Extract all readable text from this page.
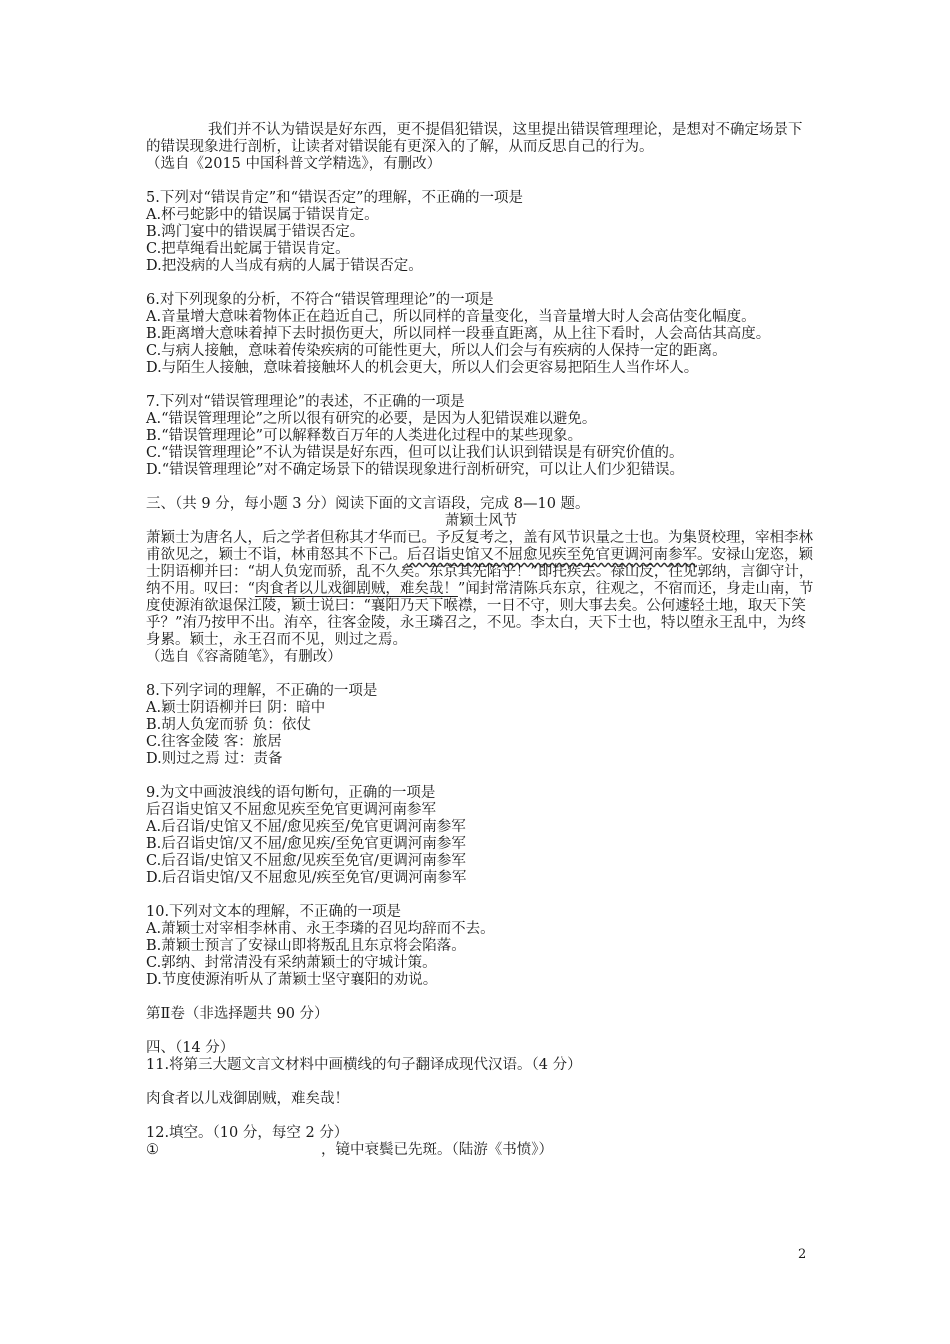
我们并不认为错误是好东西，更不提倡犯错误，这里提出错误管理理论，是想对不确定场景下的错误现象进行剖析，让读者对错误能有更深入的了解，从而反思自己的行为。

（选自《2015 中国科普文学精选》，有删改）

5.下列对“错误肯定”和“错误否定”的理解，不正确的一项是

A.杯弓蛇影中的错误属于错误肯定。

B.鸿门宴中的错误属于错误否定。

C.把草绳看出蛇属于错误肯定。

D.把没病的人当成有病的人属于错误否定。

6.对下列现象的分析，不符合“错误管理理论”的一项是

A.音量增大意味着物体正在趋近自己，所以同样的音量变化，当音量增大时人会高估变化幅度。

B.距离增大意味着掉下去时损伤更大，所以同样一段垂直距离，从上往下看时，人会高估其高度。

C.与病人接触，意味着传染疾病的可能性更大，所以人们会与有疾病的人保持一定的距离。

D.与陌生人接触，意味着接触坏人的机会更大，所以人们会更容易把陌生人当作坏人。

7.下列对“错误管理理论”的表述，不正确的一项是

A.“错误管理理论”之所以很有研究的必要，是因为人犯错误难以避免。

B.“错误管理理论”可以解释数百万年的人类进化过程中的某些现象。

C.“错误管理理论”不认为错误是好东西，但可以让我们认识到错误是有研究价值的。

D.“错误管理理论”对不确定场景下的错误现象进行剖析研究，可以让人们少犯错误。

三、（共 9 分，每小题 3 分）阅读下面的文言语段，完成 8—10 题。

萧颖士风节

萧颖士为唐名人，后之学者但称其才华而已。予反复考之，盖有风节识量之士也。为集贤校理，宰相李林甫欲见之，颖士不诣，林甫怒其不下己。后召诣史馆又不屈愈见疾至免官更调河南参军。安禄山宠恣，颖士阴语柳并曰：“胡人负宠而骄，乱不久矣。东京其先陷乎！”即托疾去。禄山反，往见郭纳，言御守计，纳不用。叹曰：“肉食者以儿戏御剧贼，难矣哉！”闻封常清陈兵东京，往观之，不宿而还，身走山南，节度使源洧欲退保江陵，颖士说曰：“襄阳乃天下喉襟，一日不守，则大事去矣。公何遽轻土地，取天下笑乎？”洧乃按甲不出。洧卒，往客金陵，永王璘召之，不见。李太白，天下士也，特以堕永王乱中，为终身累。颖士，永王召而不见，则过之焉。

（选自《容斋随笔》，有删改）

8.下列字词的理解，不正确的一项是

A.颖士阴语柳并曰 阴：暗中

B.胡人负宠而骄 负：依仗

C.往客金陵 客：旅居

D.则过之焉 过：责备

9.为文中画波浪线的语句断句，正确的一项是

后召诣史馆又不屈愈见疾至免官更调河南参军

A.后召诣/史馆又不屈/愈见疾至/免官更调河南参军

B.后召诣史馆/又不屈/愈见疾/至免官更调河南参军

C.后召诣/史馆又不屈愈/见疾至免官/更调河南参军

D.后召诣史馆/又不屈愈见/疾至免官/更调河南参军

10.下列对文本的理解，不正确的一项是

A.萧颖士对宰相李林甫、永王李璘的召见均辞而不去。

B.萧颖士预言了安禄山即将叛乱且东京将会陷落。

C.郭纳、封常清没有采纳萧颖士的守城计策。

D.节度使源洧听从了萧颖士坚守襄阳的劝说。

第Ⅱ卷（非选择题共 90 分）

四、（14 分）

11.将第三大题文言文材料中画横线的句子翻译成现代汉语。（4 分）

肉食者以儿戏御剧贼，难矣哉！

12.填空。（10 分，每空 2 分）

①	，镜中衰鬓已先斑。（陆游《书愤》）

2
